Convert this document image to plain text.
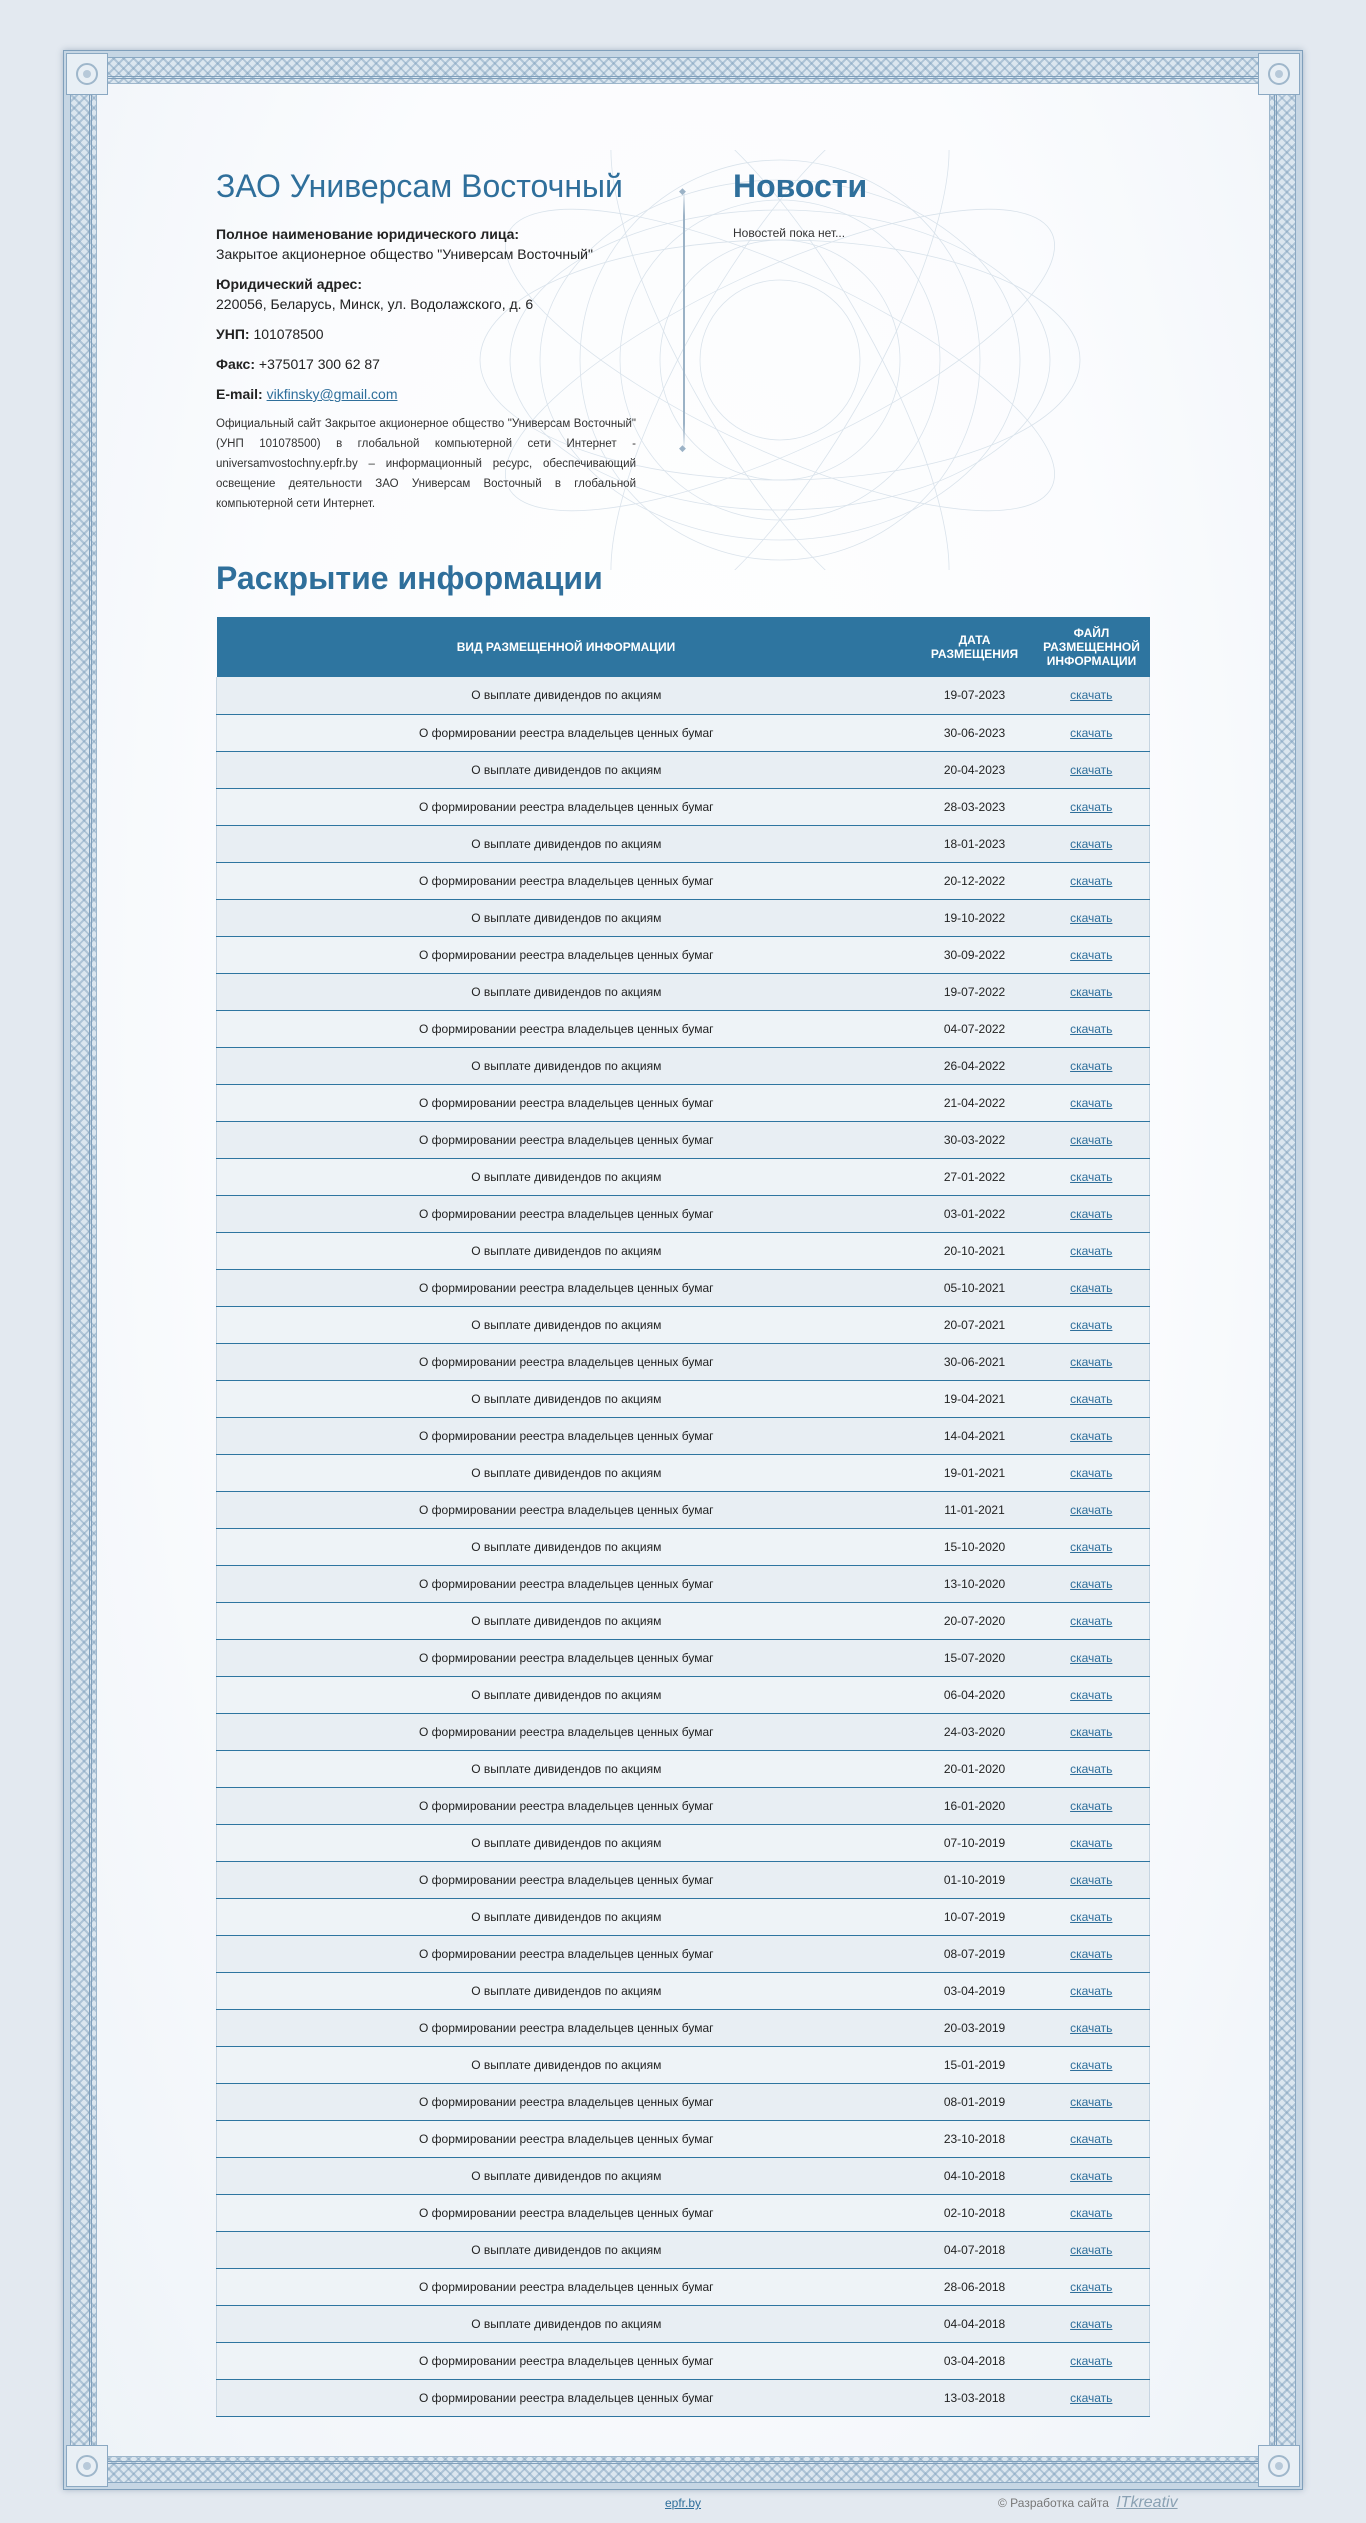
ЗАО Универсам Восточный
Полное наименование юридического лица:
Закрытое акционерное общество "Универсам Восточный"
Юридический адрес:
220056, Беларусь, Минск, ул. Водолажского, д. 6
УНП: 101078500
Факс: +375017 300 62 87
E-mail: vikfinsky@gmail.com

Официальный сайт Закрытое акционерное общество "Универсам Восточный" (УНП 101078500) в глобальной компьютерной сети Интернет - universamvostochny.epfr.by – информационный ресурс, обеспечивающий освещение деятельности ЗАО Универсам Восточный в глобальной компьютерной сети Интернет.

◆ ◆
Новости
Новостей пока нет...
Раскрытие информации
ВИД РАЗМЕЩЕННОЙ ИНФОРМАЦИИ	ДАТА РАЗМЕЩЕНИЯ	ФАЙЛ РАЗМЕЩЕННОЙ ИНФОРМАЦИИ
О выплате дивидендов по акциям	19-07-2023	скачать
О формировании реестра владельцев ценных бумаг	30-06-2023	скачать
О выплате дивидендов по акциям	20-04-2023	скачать
О формировании реестра владельцев ценных бумаг	28-03-2023	скачать
О выплате дивидендов по акциям	18-01-2023	скачать
О формировании реестра владельцев ценных бумаг	20-12-2022	скачать
О выплате дивидендов по акциям	19-10-2022	скачать
О формировании реестра владельцев ценных бумаг	30-09-2022	скачать
О выплате дивидендов по акциям	19-07-2022	скачать
О формировании реестра владельцев ценных бумаг	04-07-2022	скачать
О выплате дивидендов по акциям	26-04-2022	скачать
О формировании реестра владельцев ценных бумаг	21-04-2022	скачать
О формировании реестра владельцев ценных бумаг	30-03-2022	скачать
О выплате дивидендов по акциям	27-01-2022	скачать
О формировании реестра владельцев ценных бумаг	03-01-2022	скачать
О выплате дивидендов по акциям	20-10-2021	скачать
О формировании реестра владельцев ценных бумаг	05-10-2021	скачать
О выплате дивидендов по акциям	20-07-2021	скачать
О формировании реестра владельцев ценных бумаг	30-06-2021	скачать
О выплате дивидендов по акциям	19-04-2021	скачать
О формировании реестра владельцев ценных бумаг	14-04-2021	скачать
О выплате дивидендов по акциям	19-01-2021	скачать
О формировании реестра владельцев ценных бумаг	11-01-2021	скачать
О выплате дивидендов по акциям	15-10-2020	скачать
О формировании реестра владельцев ценных бумаг	13-10-2020	скачать
О выплате дивидендов по акциям	20-07-2020	скачать
О формировании реестра владельцев ценных бумаг	15-07-2020	скачать
О выплате дивидендов по акциям	06-04-2020	скачать
О формировании реестра владельцев ценных бумаг	24-03-2020	скачать
О выплате дивидендов по акциям	20-01-2020	скачать
О формировании реестра владельцев ценных бумаг	16-01-2020	скачать
О выплате дивидендов по акциям	07-10-2019	скачать
О формировании реестра владельцев ценных бумаг	01-10-2019	скачать
О выплате дивидендов по акциям	10-07-2019	скачать
О формировании реестра владельцев ценных бумаг	08-07-2019	скачать
О выплате дивидендов по акциям	03-04-2019	скачать
О формировании реестра владельцев ценных бумаг	20-03-2019	скачать
О выплате дивидендов по акциям	15-01-2019	скачать
О формировании реестра владельцев ценных бумаг	08-01-2019	скачать
О формировании реестра владельцев ценных бумаг	23-10-2018	скачать
О выплате дивидендов по акциям	04-10-2018	скачать
О формировании реестра владельцев ценных бумаг	02-10-2018	скачать
О выплате дивидендов по акциям	04-07-2018	скачать
О формировании реестра владельцев ценных бумаг	28-06-2018	скачать
О выплате дивидендов по акциям	04-04-2018	скачать
О формировании реестра владельцев ценных бумаг	03-04-2018	скачать
О формировании реестра владельцев ценных бумаг	13-03-2018	скачать
epfr.by	© Разработка сайта ITkreativ
